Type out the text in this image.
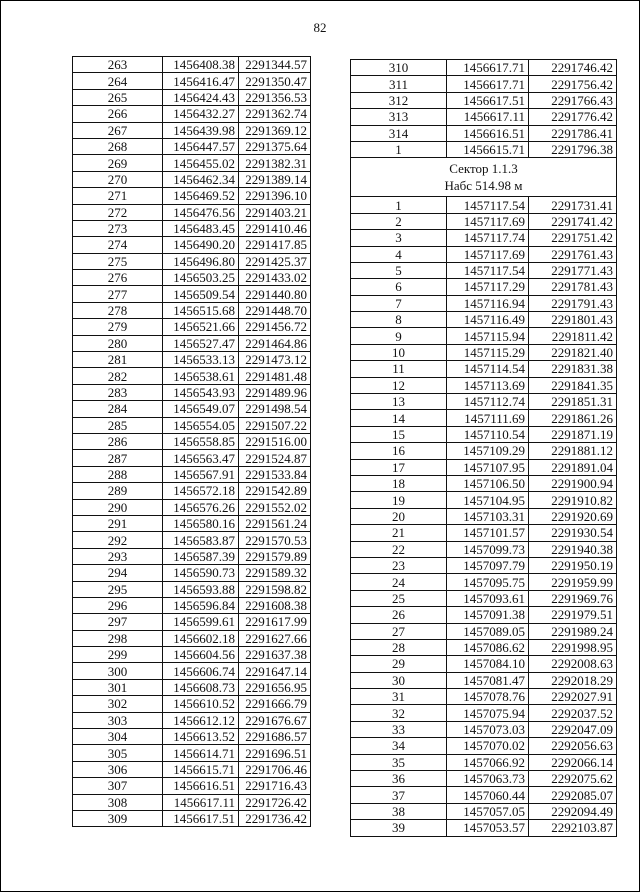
82
263	1456408.38	2291344.57
264	1456416.47	2291350.47
265	1456424.43	2291356.53
266	1456432.27	2291362.74
267	1456439.98	2291369.12
268	1456447.57	2291375.64
269	1456455.02	2291382.31
270	1456462.34	2291389.14
271	1456469.52	2291396.10
272	1456476.56	2291403.21
273	1456483.45	2291410.46
274	1456490.20	2291417.85
275	1456496.80	2291425.37
276	1456503.25	2291433.02
277	1456509.54	2291440.80
278	1456515.68	2291448.70
279	1456521.66	2291456.72
280	1456527.47	2291464.86
281	1456533.13	2291473.12
282	1456538.61	2291481.48
283	1456543.93	2291489.96
284	1456549.07	2291498.54
285	1456554.05	2291507.22
286	1456558.85	2291516.00
287	1456563.47	2291524.87
288	1456567.91	2291533.84
289	1456572.18	2291542.89
290	1456576.26	2291552.02
291	1456580.16	2291561.24
292	1456583.87	2291570.53
293	1456587.39	2291579.89
294	1456590.73	2291589.32
295	1456593.88	2291598.82
296	1456596.84	2291608.38
297	1456599.61	2291617.99
298	1456602.18	2291627.66
299	1456604.56	2291637.38
300	1456606.74	2291647.14
301	1456608.73	2291656.95
302	1456610.52	2291666.79
303	1456612.12	2291676.67
304	1456613.52	2291686.57
305	1456614.71	2291696.51
306	1456615.71	2291706.46
307	1456616.51	2291716.43
308	1456617.11	2291726.42
309	1456617.51	2291736.42
310	1456617.71	2291746.42
311	1456617.71	2291756.42
312	1456617.51	2291766.43
313	1456617.11	2291776.42
314	1456616.51	2291786.41
1	1456615.71	2291796.38

Сектор 1.1.3
Набс 514.98 м		

1	1457117.54	2291731.41
2	1457117.69	2291741.42
3	1457117.74	2291751.42
4	1457117.69	2291761.43
5	1457117.54	2291771.43
6	1457117.29	2291781.43
7	1457116.94	2291791.43
8	1457116.49	2291801.43
9	1457115.94	2291811.42
10	1457115.29	2291821.40
11	1457114.54	2291831.38
12	1457113.69	2291841.35
13	1457112.74	2291851.31
14	1457111.69	2291861.26
15	1457110.54	2291871.19
16	1457109.29	2291881.12
17	1457107.95	2291891.04
18	1457106.50	2291900.94
19	1457104.95	2291910.82
20	1457103.31	2291920.69
21	1457101.57	2291930.54
22	1457099.73	2291940.38
23	1457097.79	2291950.19
24	1457095.75	2291959.99
25	1457093.61	2291969.76
26	1457091.38	2291979.51
27	1457089.05	2291989.24
28	1457086.62	2291998.95
29	1457084.10	2292008.63
30	1457081.47	2292018.29
31	1457078.76	2292027.91
32	1457075.94	2292037.52
33	1457073.03	2292047.09
34	1457070.02	2292056.63
35	1457066.92	2292066.14
36	1457063.73	2292075.62
37	1457060.44	2292085.07
38	1457057.05	2292094.49
39	1457053.57	2292103.87
